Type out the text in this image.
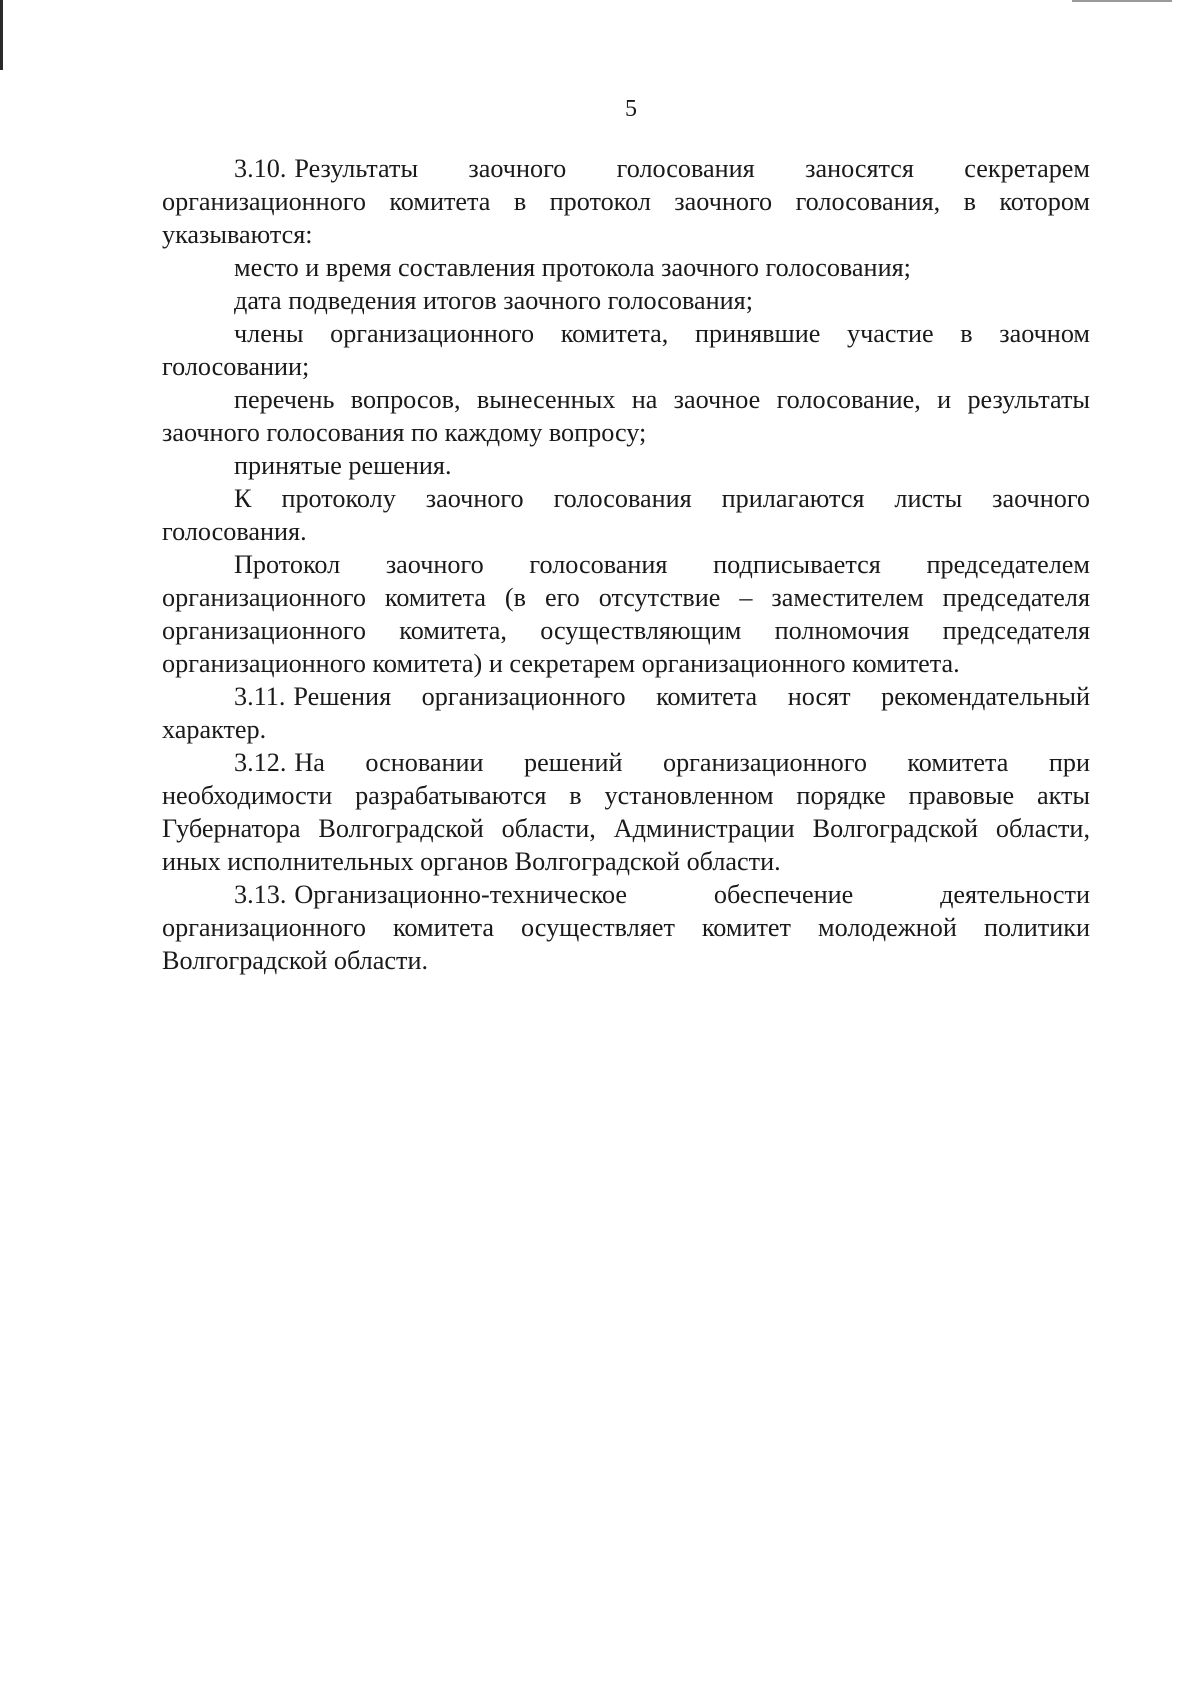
5

3.10. Результаты заочного голосования заносятся секретарем организационного комитета в протокол заочного голосования, в котором указываются:

место и время составления протокола заочного голосования;

дата подведения итогов заочного голосования;

члены организационного комитета, принявшие участие в заочном голосовании;

перечень вопросов, вынесенных на заочное голосование, и результаты заочного голосования по каждому вопросу;

принятые решения.

К протоколу заочного голосования прилагаются листы заочного голосования.

Протокол заочного голосования подписывается председателем организационного комитета (в его отсутствие – заместителем председателя организационного комитета, осуществляющим полномочия председателя организационного комитета) и секретарем организационного комитета.

3.11. Решения организационного комитета носят рекомендательный характер.

3.12. На основании решений организационного комитета при необходимости разрабатываются в установленном порядке правовые акты Губернатора Волгоградской области, Администрации Волгоградской области, иных исполнительных органов Волгоградской области.

3.13. Организационно-техническое обеспечение деятельности организационного комитета осуществляет комитет молодежной политики Волгоградской области.
